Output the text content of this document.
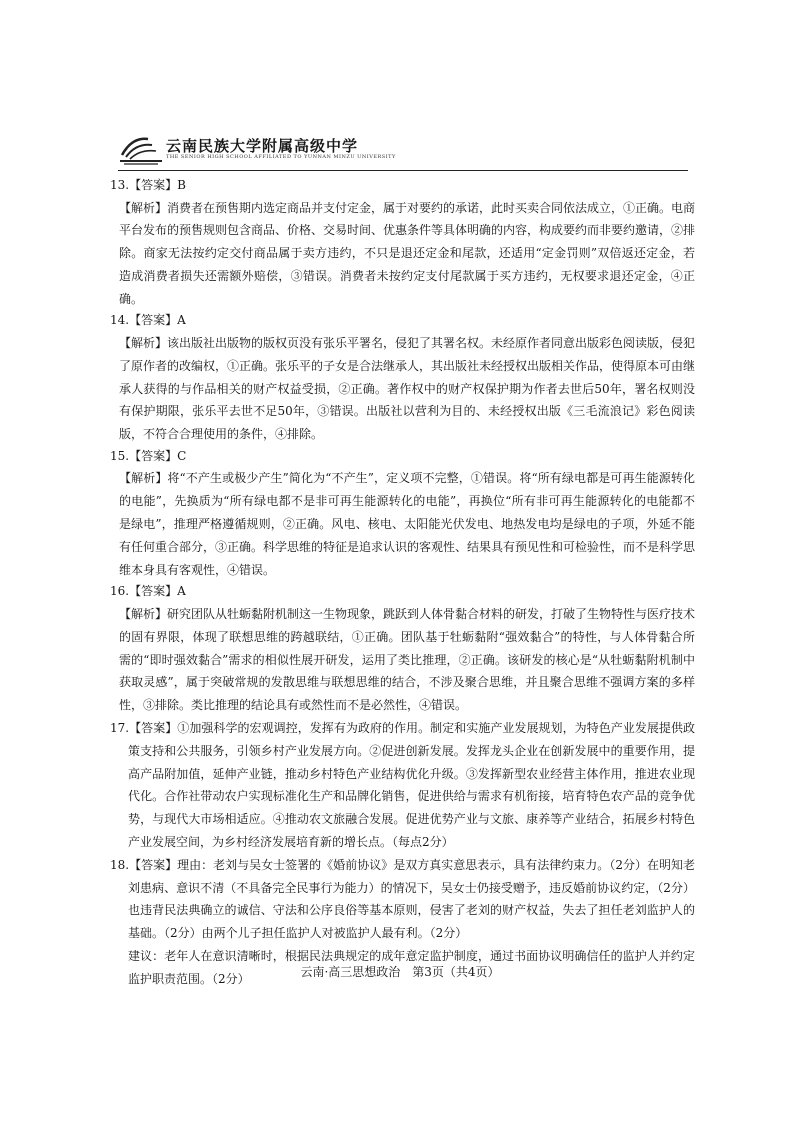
云南民族大学附属高级中学
THE SENIOR HIGH SCHOOL AFFILIATED TO YUNNAN MINZU UNIVERSITY

13.【答案】B

【解析】消费者在预售期内选定商品并支付定金，属于对要约的承诺，此时买卖合同依法成立，①正确。电商平台发布的预售规则包含商品、价格、交易时间、优惠条件等具体明确的内容，构成要约而非要约邀请，②排除。商家无法按约定交付商品属于卖方违约，不只是退还定金和尾款，还适用“定金罚则”双倍返还定金，若造成消费者损失还需额外赔偿，③错误。消费者未按约定支付尾款属于买方违约，无权要求退还定金，④正确。

14.【答案】A

【解析】该出版社出版物的版权页没有张乐平署名，侵犯了其署名权。未经原作者同意出版彩色阅读版，侵犯了原作者的改编权，①正确。张乐平的子女是合法继承人，其出版社未经授权出版相关作品，使得原本可由继承人获得的与作品相关的财产权益受损，②正确。著作权中的财产权保护期为作者去世后50年，署名权则没有保护期限，张乐平去世不足50年，③错误。出版社以营利为目的、未经授权出版《三毛流浪记》彩色阅读版，不符合合理使用的条件，④排除。

15.【答案】C

【解析】将“不产生或极少产生”简化为“不产生”，定义项不完整，①错误。将“所有绿电都是可再生能源转化的电能”，先换质为“所有绿电都不是非可再生能源转化的电能”，再换位“所有非可再生能源转化的电能都不是绿电”，推理严格遵循规则，②正确。风电、核电、太阳能光伏发电、地热发电均是绿电的子项，外延不能有任何重合部分，③正确。科学思维的特征是追求认识的客观性、结果具有预见性和可检验性，而不是科学思维本身具有客观性，④错误。

16.【答案】A

【解析】研究团队从牡蛎黏附机制这一生物现象，跳跃到人体骨黏合材料的研发，打破了生物特性与医疗技术的固有界限，体现了联想思维的跨越联结，①正确。团队基于牡蛎黏附“强效黏合”的特性，与人体骨黏合所需的“即时强效黏合”需求的相似性展开研发，运用了类比推理，②正确。该研发的核心是“从牡蛎黏附机制中获取灵感”，属于突破常规的发散思维与联想思维的结合，不涉及聚合思维，并且聚合思维不强调方案的多样性，③排除。类比推理的结论具有或然性而不是必然性，④错误。

17.【答案】①加强科学的宏观调控，发挥有为政府的作用。制定和实施产业发展规划，为特色产业发展提供政策支持和公共服务，引领乡村产业发展方向。②促进创新发展。发挥龙头企业在创新发展中的重要作用，提高产品附加值，延伸产业链，推动乡村特色产业结构优化升级。③发挥新型农业经营主体作用，推进农业现代化。合作社带动农户实现标准化生产和品牌化销售，促进供给与需求有机衔接，培育特色农产品的竞争优势，与现代大市场相适应。④推动农文旅融合发展。促进优势产业与文旅、康养等产业结合，拓展乡村特色产业发展空间，为乡村经济发展培育新的增长点。（每点2分）

18.【答案】理由：老刘与吴女士签署的《婚前协议》是双方真实意思表示，具有法律约束力。（2分）在明知老刘患病、意识不清（不具备完全民事行为能力）的情况下，吴女士仍接受赠予，违反婚前协议约定，（2分）也违背民法典确立的诚信、守法和公序良俗等基本原则，侵害了老刘的财产权益，失去了担任老刘监护人的基础。（2分）由两个儿子担任监护人对被监护人最有利。（2分）

建议：老年人在意识清晰时，根据民法典规定的成年意定监护制度，通过书面协议明确信任的监护人并约定监护职责范围。（2分）	云南·高三思想政治　第3页（共4页）
